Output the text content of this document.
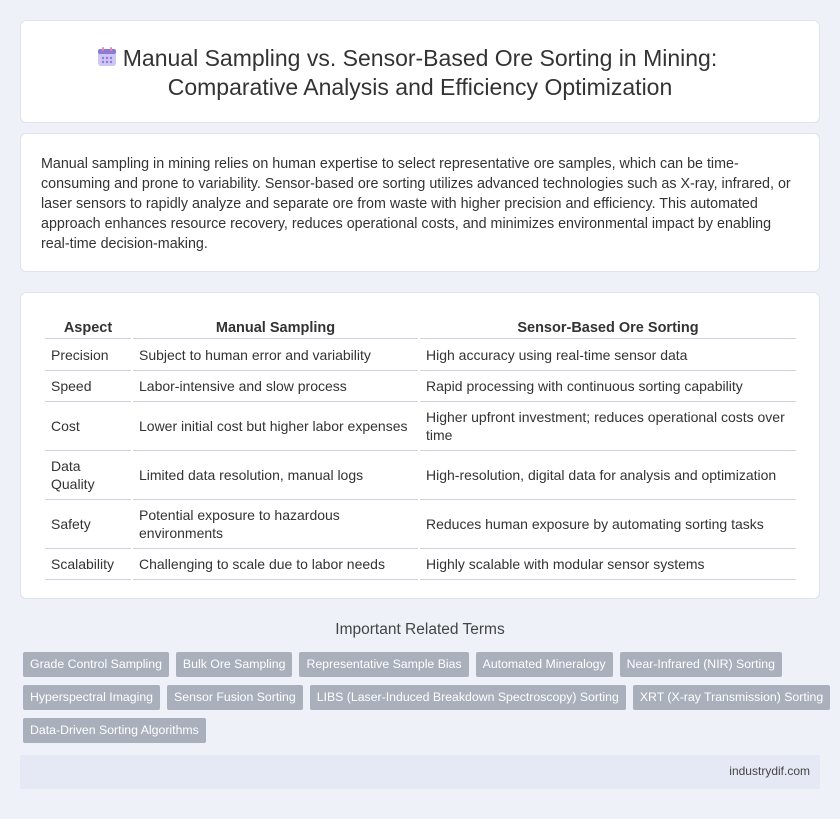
Manual Sampling vs. Sensor-Based Ore Sorting in Mining: Comparative Analysis and Efficiency Optimization

Manual sampling in mining relies on human expertise to select representative ore samples, which can be time-consuming and prone to variability. Sensor-based ore sorting utilizes advanced technologies such as X-ray, infrared, or laser sensors to rapidly analyze and separate ore from waste with higher precision and efficiency. This automated approach enhances resource recovery, reduces operational costs, and minimizes environmental impact by enabling real-time decision-making.

Aspect	Manual Sampling	Sensor-Based Ore Sorting
Precision	Subject to human error and variability	High accuracy using real-time sensor data
Speed	Labor-intensive and slow process	Rapid processing with continuous sorting capability
Cost	Lower initial cost but higher labor expenses	Higher upfront investment; reduces operational costs over time
Data Quality	Limited data resolution, manual logs	High-resolution, digital data for analysis and optimization
Safety	Potential exposure to hazardous environments	Reduces human exposure by automating sorting tasks
Scalability	Challenging to scale due to labor needs	Highly scalable with modular sensor systems
Important Related Terms
Grade Control Sampling	Bulk Ore Sampling	Representative Sample Bias	Automated Mineralogy	Near-Infrared (NIR) Sorting
Hyperspectral Imaging	Sensor Fusion Sorting	LIBS (Laser-Induced Breakdown Spectroscopy) Sorting	XRT (X-ray Transmission) Sorting
Data-Driven Sorting Algorithms
industrydif.com
